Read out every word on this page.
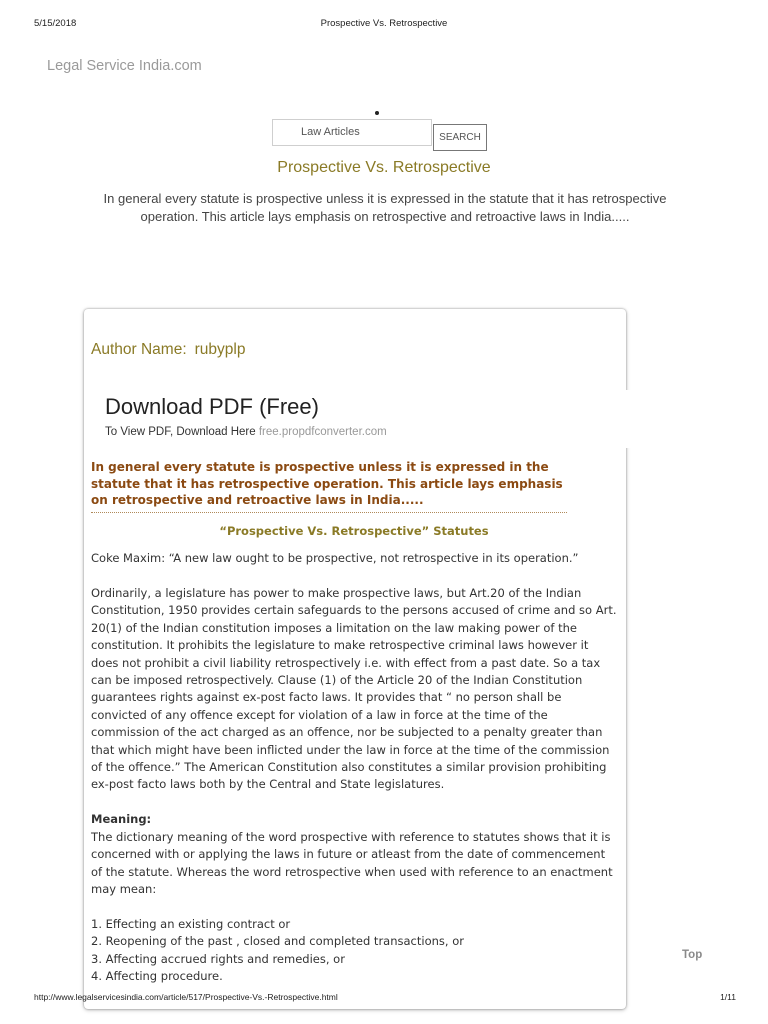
5/15/2018	Prospective Vs. Retrospective
Legal Service India.com
Law Articles	SEARCH
Prospective Vs. Retrospective
In general every statute is prospective unless it is expressed in the statute that it has retrospective operation. This article lays emphasis on retrospective and retroactive laws in India.....
Author Name: rubyplp
Download PDF (Free)
To View PDF, Download Here free.propdfconverter.com
In general every statute is prospective unless it is expressed in the statute that it has retrospective operation. This article lays emphasis on retrospective and retroactive laws in India.....
“Prospective Vs. Retrospective” Statutes
Coke Maxim: “A new law ought to be prospective, not retrospective in its operation.”
Ordinarily, a legislature has power to make prospective laws, but Art.20 of the Indian Constitution, 1950 provides certain safeguards to the persons accused of crime and so Art. 20(1) of the Indian constitution imposes a limitation on the law making power of the constitution. It prohibits the legislature to make retrospective criminal laws however it does not prohibit a civil liability retrospectively i.e. with effect from a past date. So a tax can be imposed retrospectively. Clause (1) of the Article 20 of the Indian Constitution guarantees rights against ex-post facto laws. It provides that “ no person shall be convicted of any offence except for violation of a law in force at the time of the commission of the act charged as an offence, nor be subjected to a penalty greater than that which might have been inflicted under the law in force at the time of the commission of the offence.” The American Constitution also constitutes a similar provision prohibiting ex-post facto laws both by the Central and State legislatures.
Meaning:
The dictionary meaning of the word prospective with reference to statutes shows that it is concerned with or applying the laws in future or atleast from the date of commencement of the statute. Whereas the word retrospective when used with reference to an enactment may mean:
1. Effecting an existing contract or
2. Reopening of the past , closed and completed transactions, or
3. Affecting accrued rights and remedies, or
4. Affecting procedure.
Top
http://www.legalservicesindia.com/article/517/Prospective-Vs.-Retrospective.html	1/11
